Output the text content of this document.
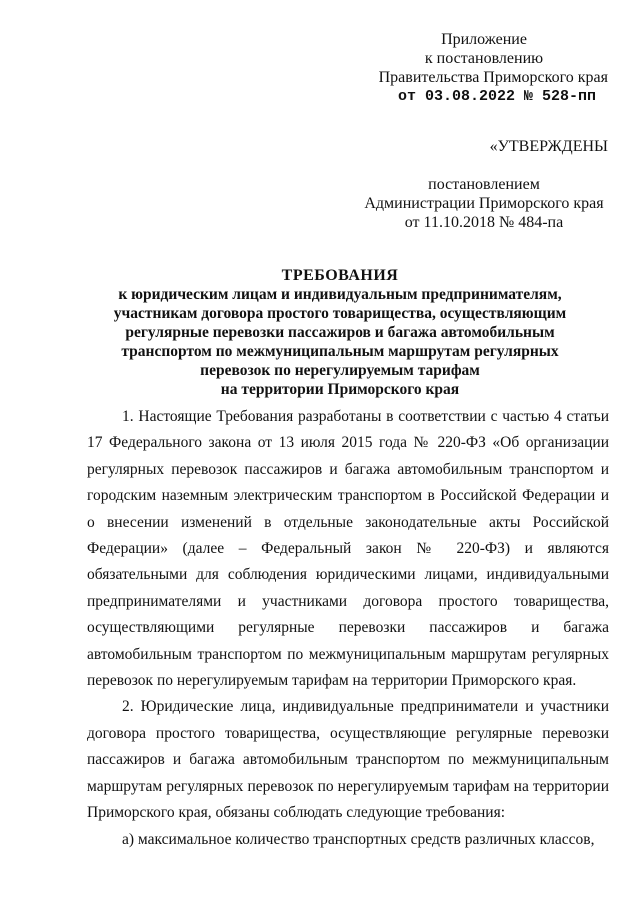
Приложение
к постановлению
Правительства Приморского края
от 03.08.2022 № 528-пп
«УТВЕРЖДЕНЫ
постановлением
Администрации Приморского края
от 11.10.2018 № 484-па
ТРЕБОВАНИЯ
к юридическим лицам и индивидуальным предпринимателям,
участникам договора простого товарищества, осуществляющим
регулярные перевозки пассажиров и багажа автомобильным
транспортом по межмуниципальным маршрутам регулярных
перевозок по нерегулируемым тарифам
на территории Приморского края

1. Настоящие Требования разработаны в соответствии с частью 4 статьи 17 Федерального закона от 13 июля 2015 года № 220-ФЗ «Об организации регулярных перевозок пассажиров и багажа автомобильным транспортом и городским наземным электрическим транспортом в Российской Федерации и о внесении изменений в отдельные законодательные акты Российской Федерации» (далее – Федеральный закон № 220-ФЗ) и являются обязательными для соблюдения юридическими лицами, индивидуальными предпринимателями и участниками договора простого товарищества, осуществляющими регулярные перевозки пассажиров и багажа автомобильным транспортом по межмуниципальным маршрутам регулярных перевозок по нерегулируемым тарифам на территории Приморского края.

2. Юридические лица, индивидуальные предприниматели и участники договора простого товарищества, осуществляющие регулярные перевозки пассажиров и багажа автомобильным транспортом по межмуниципальным маршрутам регулярных перевозок по нерегулируемым тарифам на территории Приморского края, обязаны соблюдать следующие требования:

а) максимальное количество транспортных средств различных классов,
